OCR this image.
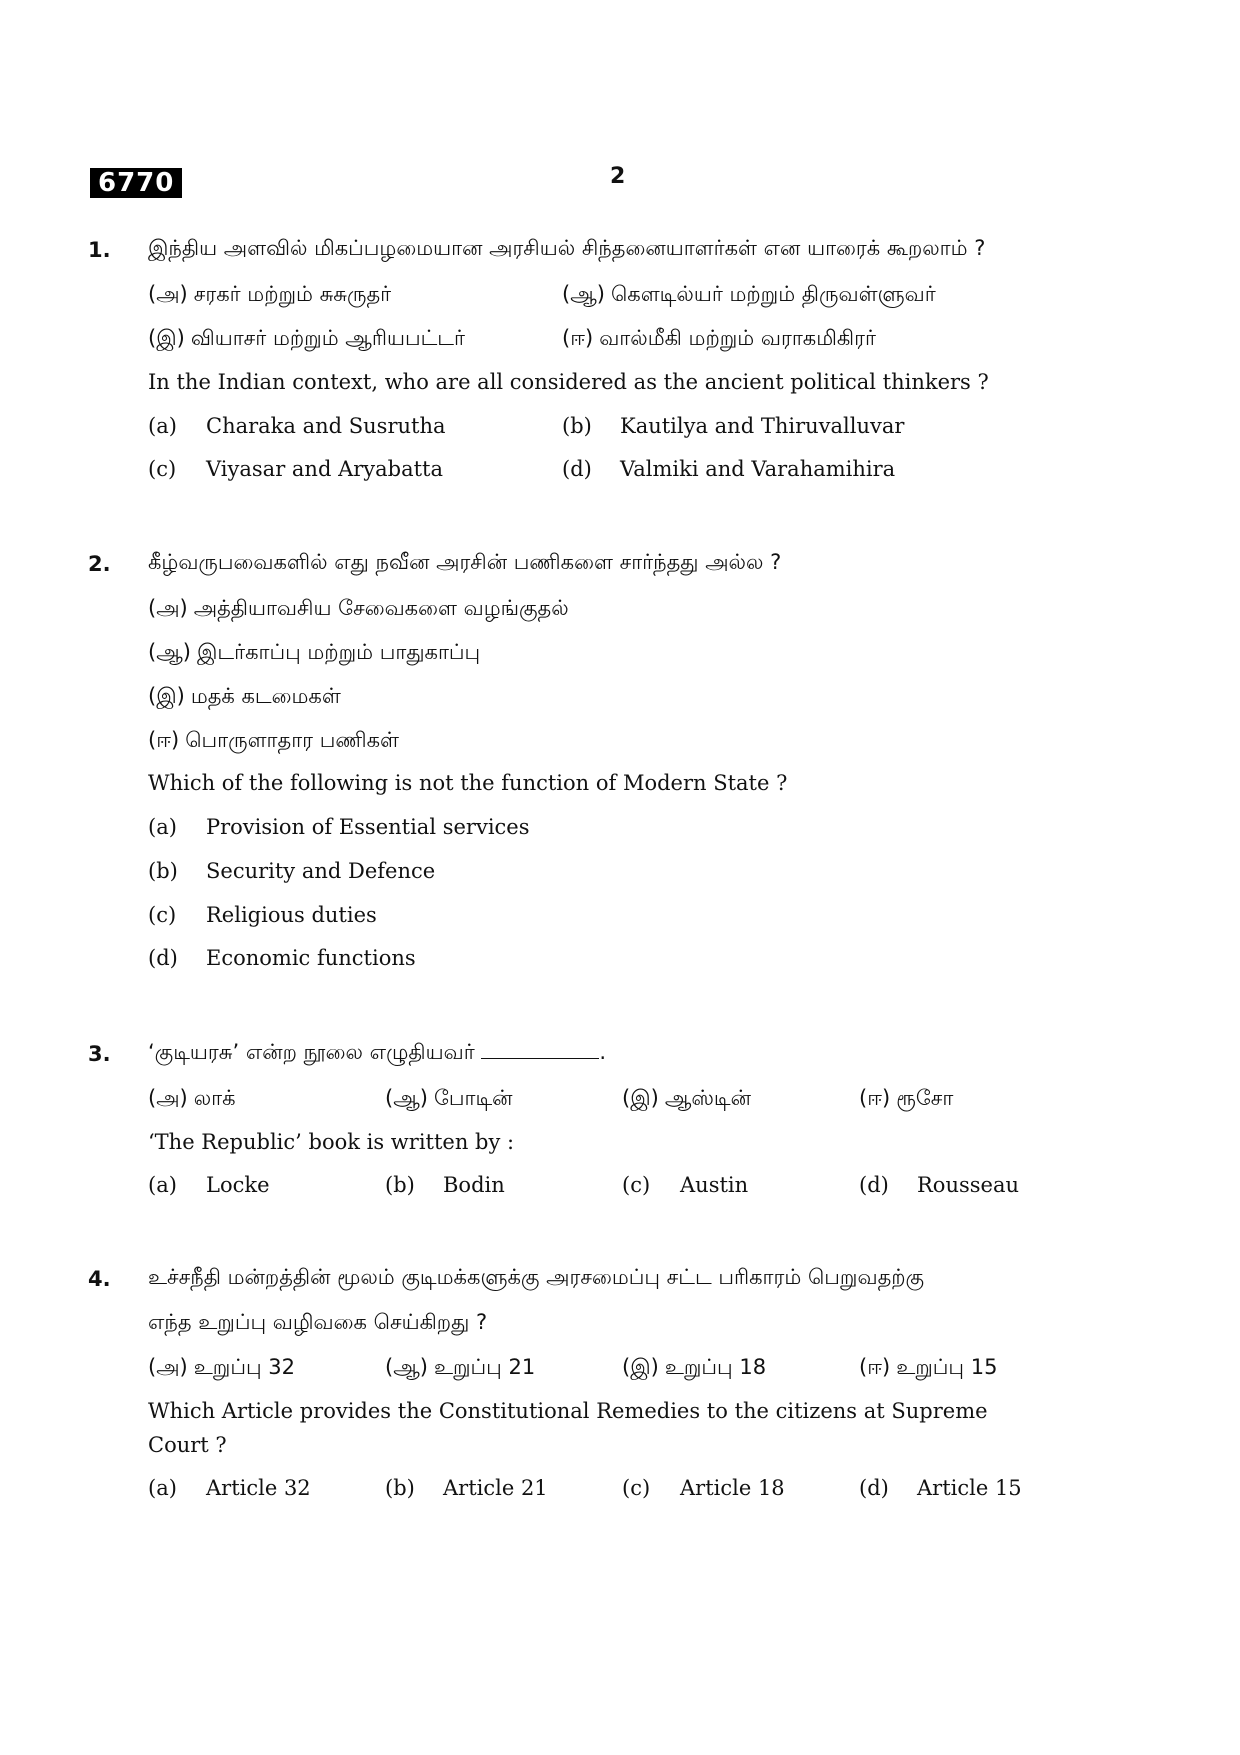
6770	2
1. இந்திய அளவில் மிகப்பழமையான அரசியல் சிந்தனையாளர்கள் என யாரைக் கூறலாம் ?
(அ) சரகர் மற்றும் சுசுருதர்	(ஆ) கௌடில்யர் மற்றும் திருவள்ளுவர்
(இ) வியாசர் மற்றும் ஆரியபட்டர்	(ஈ) வால்மீகி மற்றும் வராகமிகிரர்
In the Indian context, who are all considered as the ancient political thinkers ?
(a) Charaka and Susrutha	(b) Kautilya and Thiruvalluvar
(c) Viyasar and Aryabatta	(d) Valmiki and Varahamihira
2. கீழ்வருபவைகளில் எது நவீன அரசின் பணிகளை சார்ந்தது அல்ல ?
(அ) அத்தியாவசிய சேவைகளை வழங்குதல்
(ஆ) இடர்காப்பு மற்றும் பாதுகாப்பு
(இ) மதக் கடமைகள்
(ஈ) பொருளாதார பணிகள்
Which of the following is not the function of Modern State ?
(a) Provision of Essential services
(b) Security and Defence
(c) Religious duties
(d) Economic functions
3. ‘குடியரசு’ என்ற நூலை எழுதியவர்	.
(அ) லாக்	(ஆ) போடின்	(இ) ஆஸ்டின்	(ஈ) ரூசோ
‘The Republic’ book is written by :
(a) Locke	(b) Bodin	(c) Austin	(d) Rousseau
4. உச்சநீதி மன்றத்தின் மூலம் குடிமக்களுக்கு அரசமைப்பு சட்ட பரிகாரம் பெறுவதற்கு
எந்த உறுப்பு வழிவகை செய்கிறது ?
(அ) உறுப்பு 32	(ஆ) உறுப்பு 21	(இ) உறுப்பு 18	(ஈ) உறுப்பு 15
Which Article provides the Constitutional Remedies to the citizens at Supreme
Court ?
(a) Article 32	(b) Article 21	(c) Article 18	(d) Article 15
